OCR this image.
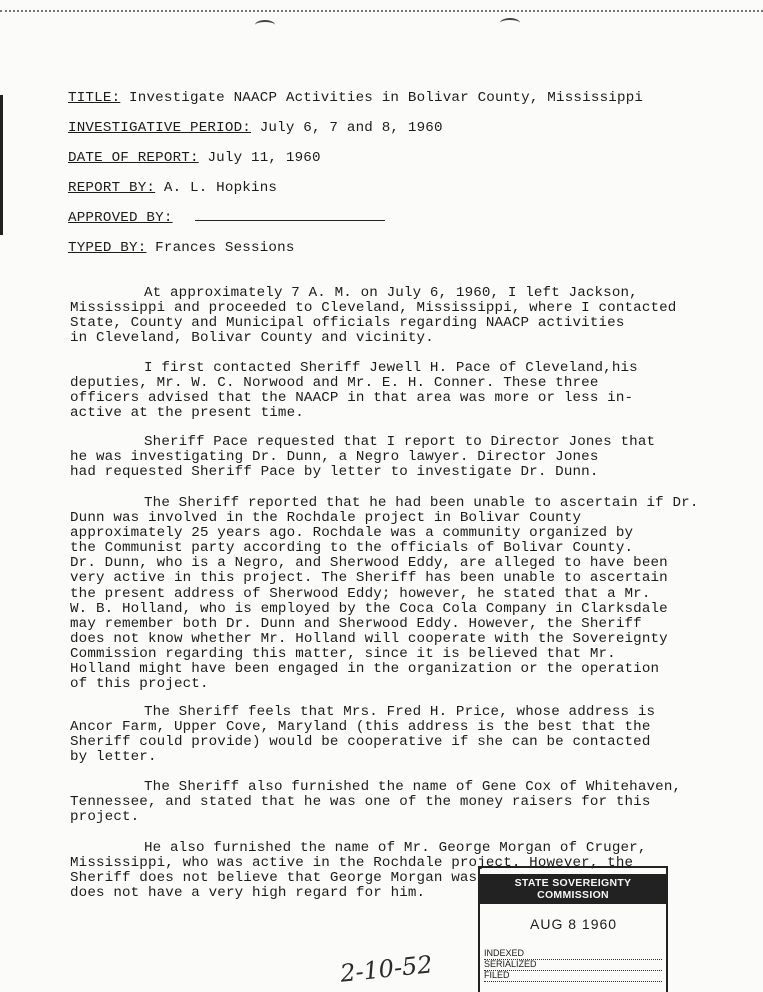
TITLE: Investigate NAACP Activities in Bolivar County, Mississippi
INVESTIGATIVE PERIOD: July 6, 7 and 8, 1960
DATE OF REPORT: July 11, 1960
REPORT BY: A. L. Hopkins
APPROVED BY:
TYPED BY: Frances Sessions

At approximately 7 A. M. on July 6, 1960, I left Jackson,

Mississippi and proceeded to Cleveland, Mississippi, where I contacted

State, County and Municipal officials regarding NAACP activities

in Cleveland, Bolivar County and vicinity.

I first contacted Sheriff Jewell H. Pace of Cleveland,his

deputies, Mr. W. C. Norwood and Mr. E. H. Conner. These three

officers advised that the NAACP in that area was more or less in-

active at the present time.

Sheriff Pace requested that I report to Director Jones that

he was investigating Dr. Dunn, a Negro lawyer. Director Jones

had requested Sheriff Pace by letter to investigate Dr. Dunn.

The Sheriff reported that he had been unable to ascertain if Dr.

Dunn was involved in the Rochdale project in Bolivar County

approximately 25 years ago. Rochdale was a community organized by

the Communist party according to the officials of Bolivar County.

Dr. Dunn, who is a Negro, and Sherwood Eddy, are alleged to have been

very active in this project. The Sheriff has been unable to ascertain

the present address of Sherwood Eddy; however, he stated that a Mr.

W. B. Holland, who is employed by the Coca Cola Company in Clarksdale

may remember both Dr. Dunn and Sherwood Eddy. However, the Sheriff

does not know whether Mr. Holland will cooperate with the Sovereignty

Commission regarding this matter, since it is believed that Mr.

Holland might have been engaged in the organization or the operation

of this project.

The Sheriff feels that Mrs. Fred H. Price, whose address is

Ancor Farm, Upper Cove, Maryland (this address is the best that the

Sheriff could provide) would be cooperative if she can be contacted

by letter.

The Sheriff also furnished the name of Gene Cox of Whitehaven,

Tennessee, and stated that he was one of the money raisers for this

project.

He also furnished the name of Mr. George Morgan of Cruger,

Mississippi, who was active in the Rochdale project. However, the

Sheriff does not believe that George Morgan was

does not have a very high regard for him.

STATE SOVEREIGNTY COMMISSION
AUG 8 1960
INDEXED
SERIALIZED
FILED
2-10-52
